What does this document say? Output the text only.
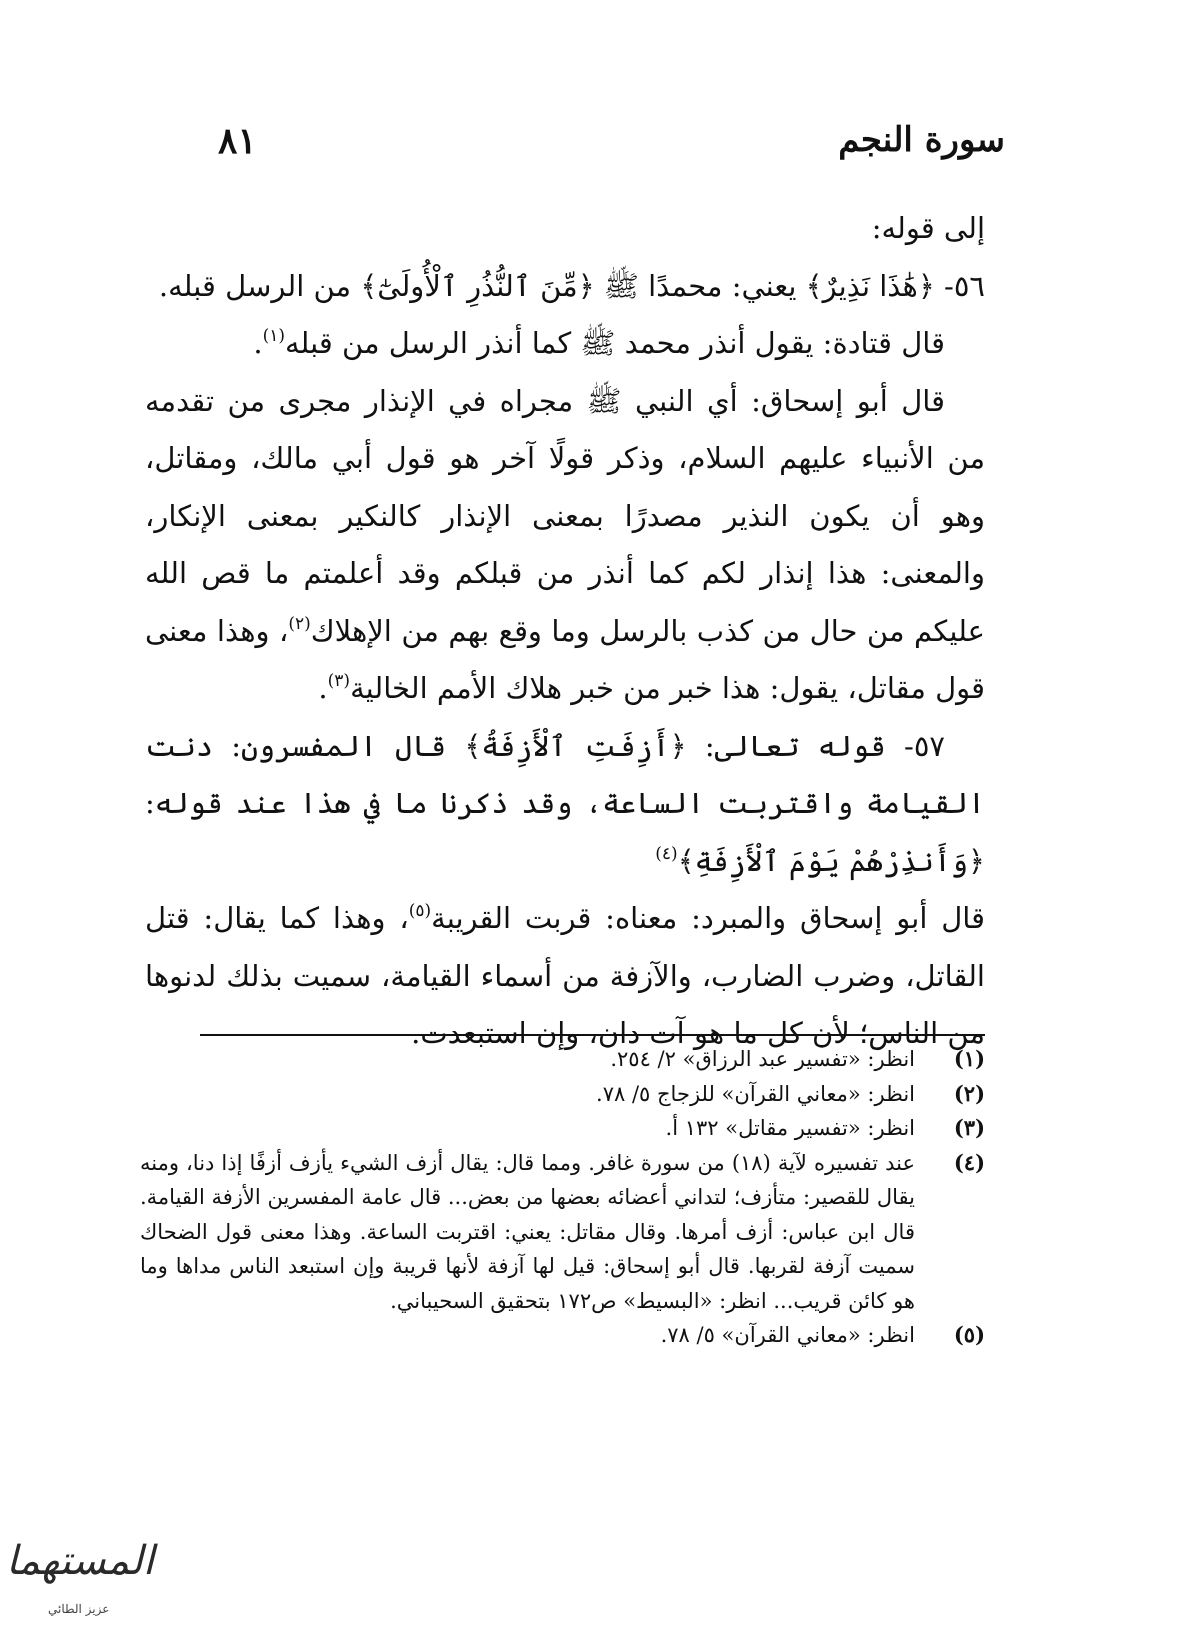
سورة النجم
٨١

إلى قوله:

٥٦- ﴿هَٰذَا نَذِيرٌ﴾ يعني: محمدًا ﷺ ﴿مِّنَ ٱلنُّذُرِ ٱلْأُولَىٰٓ﴾ من الرسل قبله.

قال قتادة: يقول أنذر محمد ﷺ كما أنذر الرسل من قبله$^{(١)}$.

قال أبو إسحاق: أي النبي ﷺ مجراه في الإنذار مجرى من تقدمه من الأنبياء عليهم السلام، وذكر قولًا آخر هو قول أبي مالك، ومقاتل، وهو أن يكون النذير مصدرًا بمعنى الإنذار كالنكير بمعنى الإنكار، والمعنى: هذا إنذار لكم كما أنذر من قبلكم وقد أعلمتم ما قص الله عليكم من حال من كذب بالرسل وما وقع بهم من الإهلاك$^{(٢)}$، وهذا معنى قول مقاتل، يقول: هذا خبر من خبر هلاك الأمم الخالية$^{(٣)}$.

٥٧- قوله تعالى: ﴿أَزِفَتِ ٱلْأَزِفَةُ﴾ قال المفسرون: دنت القيامة واقتربت الساعة، وقد ذكرنا ما في هذا عند قوله: ﴿وَأَنذِرْهُمْ يَوْمَ ٱلْأَزِفَةِ﴾$^{(٤)}$

قال أبو إسحاق والمبرد: معناه: قربت القريبة$^{(٥)}$، وهذا كما يقال: قتل القاتل، وضرب الضارب، والآزفة من أسماء القيامة، سميت بذلك لدنوها من الناس؛ لأن كل ما هو آت دان، وإن استبعدت.

(١)
انظر: «تفسير عبد الرزاق» ٢/ ٢٥٤.
(٢)
انظر: «معاني القرآن» للزجاج ٥/ ٧٨.
(٣)
انظر: «تفسير مقاتل» ١٣٢ أ.
(٤)
عند تفسيره لآية (١٨) من سورة غافر. ومما قال: يقال أزف الشيء يأزف أزفًا إذا دنا، ومنه يقال للقصير: متأزف؛ لتداني أعضائه بعضها من بعض... قال عامة المفسرين الأزفة القيامة. قال ابن عباس: أزف أمرها. وقال مقاتل: يعني: اقتربت الساعة. وهذا معنى قول الضحاك سميت آزفة لقربها. قال أبو إسحاق: قيل لها آزفة لأنها قريبة وإن استبعد الناس مداها وما هو كائن قريب... انظر: «البسيط» ص١٧٢ بتحقيق السحيباني.
(٥)
انظر: «معاني القرآن» ٥/ ٧٨.
المستهما
عزيز الطائي
